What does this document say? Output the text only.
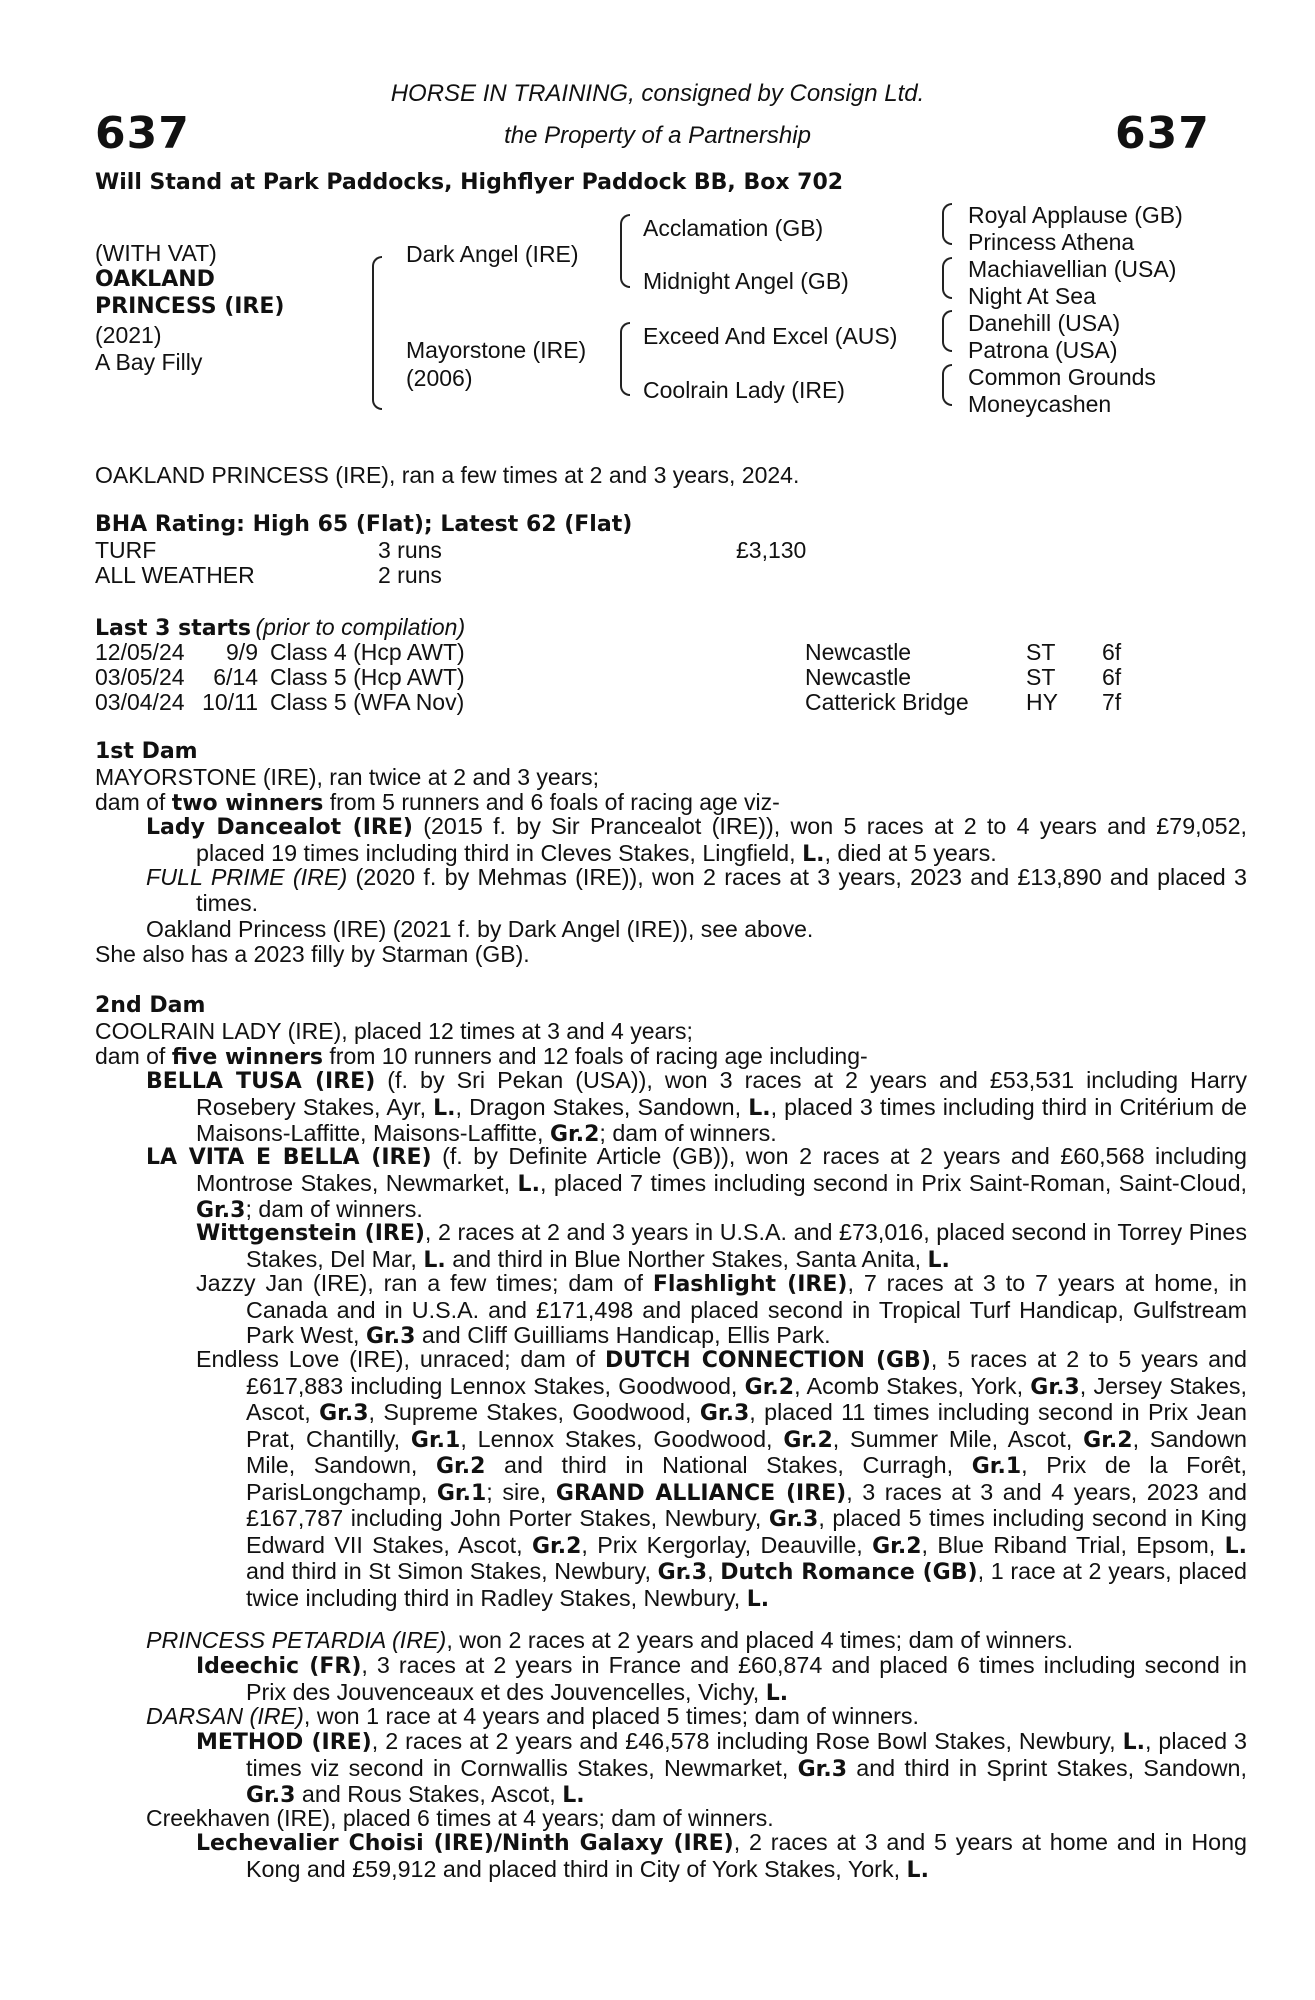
637	637
HORSE IN TRAINING, consigned by Consign Ltd.
the Property of a Partnership
Will Stand at Park Paddocks, Highflyer Paddock BB, Box 702
(WITH VAT)
OAKLAND
PRINCESS (IRE)
(2021)
A Bay Filly
Dark Angel (IRE)
Mayorstone (IRE)
(2006)
Acclamation (GB)
Midnight Angel (GB)
Exceed And Excel (AUS)
Coolrain Lady (IRE)
Royal Applause (GB)
Princess Athena
Machiavellian (USA)
Night At Sea
Danehill (USA)
Patrona (USA)
Common Grounds
Moneycashen
OAKLAND PRINCESS (IRE), ran a few times at 2 and 3 years, 2024.
BHA Rating: High 65 (Flat); Latest 62 (Flat)
TURF	3 runs	£3,130
ALL WEATHER	2 runs
Last 3 starts (prior to compilation)
12/05/24	9/9	Class 4 (Hcp AWT)	Newcastle	ST	6f
03/05/24	6/14	Class 5 (Hcp AWT)	Newcastle	ST	6f
03/04/24	10/11	Class 5 (WFA Nov)	Catterick Bridge	HY	7f
1st Dam
MAYORSTONE (IRE), ran twice at 2 and 3 years;
dam of two winners from 5 runners and 6 foals of racing age viz-
Lady Dancealot (IRE) (2015 f. by Sir Prancealot (IRE)), won 5 races at 2 to 4 years and £79,052, placed 19 times including third in Cleves Stakes, Lingfield, L., died at 5 years.
FULL PRIME (IRE) (2020 f. by Mehmas (IRE)), won 2 races at 3 years, 2023 and £13,890 and placed 3 times.
Oakland Princess (IRE) (2021 f. by Dark Angel (IRE)), see above.
She also has a 2023 filly by Starman (GB).
2nd Dam
COOLRAIN LADY (IRE), placed 12 times at 3 and 4 years;
dam of five winners from 10 runners and 12 foals of racing age including-
BELLA TUSA (IRE) (f. by Sri Pekan (USA)), won 3 races at 2 years and £53,531 including Harry Rosebery Stakes, Ayr, L., Dragon Stakes, Sandown, L., placed 3 times including third in Critérium de Maisons-Laffitte, Maisons-Laffitte, Gr.2; dam of winners.
LA VITA E BELLA (IRE) (f. by Definite Article (GB)), won 2 races at 2 years and £60,568 including Montrose Stakes, Newmarket, L., placed 7 times including second in Prix Saint-Roman, Saint-Cloud, Gr.3; dam of winners.
Wittgenstein (IRE), 2 races at 2 and 3 years in U.S.A. and £73,016, placed second in Torrey Pines Stakes, Del Mar, L. and third in Blue Norther Stakes, Santa Anita, L.
Jazzy Jan (IRE), ran a few times; dam of Flashlight (IRE), 7 races at 3 to 7 years at home, in Canada and in U.S.A. and £171,498 and placed second in Tropical Turf Handicap, Gulfstream Park West, Gr.3 and Cliff Guilliams Handicap, Ellis Park.
Endless Love (IRE), unraced; dam of DUTCH CONNECTION (GB), 5 races at 2 to 5 years and £617,883 including Lennox Stakes, Goodwood, Gr.2, Acomb Stakes, York, Gr.3, Jersey Stakes, Ascot, Gr.3, Supreme Stakes, Goodwood, Gr.3, placed 11 times including second in Prix Jean Prat, Chantilly, Gr.1, Lennox Stakes, Goodwood, Gr.2, Summer Mile, Ascot, Gr.2, Sandown Mile, Sandown, Gr.2 and third in National Stakes, Curragh, Gr.1, Prix de la Forêt, ParisLongchamp, Gr.1; sire, GRAND ALLIANCE (IRE), 3 races at 3 and 4 years, 2023 and £167,787 including John Porter Stakes, Newbury, Gr.3, placed 5 times including second in King Edward VII Stakes, Ascot, Gr.2, Prix Kergorlay, Deauville, Gr.2, Blue Riband Trial, Epsom, L. and third in St Simon Stakes, Newbury, Gr.3, Dutch Romance (GB), 1 race at 2 years, placed twice including third in Radley Stakes, Newbury, L.
PRINCESS PETARDIA (IRE), won 2 races at 2 years and placed 4 times; dam of winners.
Ideechic (FR), 3 races at 2 years in France and £60,874 and placed 6 times including second in Prix des Jouvenceaux et des Jouvencelles, Vichy, L.
DARSAN (IRE), won 1 race at 4 years and placed 5 times; dam of winners.
METHOD (IRE), 2 races at 2 years and £46,578 including Rose Bowl Stakes, Newbury, L., placed 3 times viz second in Cornwallis Stakes, Newmarket, Gr.3 and third in Sprint Stakes, Sandown, Gr.3 and Rous Stakes, Ascot, L.
Creekhaven (IRE), placed 6 times at 4 years; dam of winners.
Lechevalier Choisi (IRE)/Ninth Galaxy (IRE), 2 races at 3 and 5 years at home and in Hong Kong and £59,912 and placed third in City of York Stakes, York, L.
